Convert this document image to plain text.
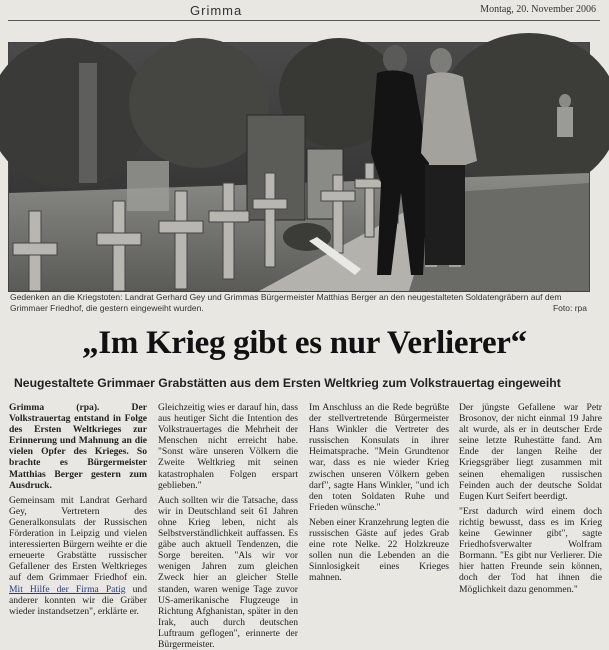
Grimma	Montag, 20. November 2006
Gedenken an die Kriegstoten: Landrat Gerhard Gey und Grimmas Bürgermeister Matthias Berger an den neugestalteten Soldatengräbern auf dem Grimmaer Friedhof, die gestern eingeweiht wurden.	Foto: rpa
„Im Krieg gibt es nur Verlierer“
Neugestaltete Grimmaer Grabstätten aus dem Ersten Weltkrieg zum Volkstrauertag eingeweiht

Grimma (rpa). Der Volkstrauertag entstand in Folge des Ersten Weltkrieges zur Erinnerung und Mahnung an die vielen Opfer des Krieges. So brachte es Bürgermeister Matthias Berger gestern zum Ausdruck.

Gemeinsam mit Landrat Gerhard Gey, Vertretern des Generalkonsulats der Russischen Förderation in Leipzig und vielen interessierten Bürgern weihte er die erneuerte Grabstätte russischer Gefallener des Ersten Weltkrieges auf dem Grimmaer Friedhof ein. Mit Hilfe der Firma Patig und anderer konnten wir die Gräber wieder instandsetzen", erklärte er.

Gleichzeitig wies er darauf hin, dass aus heutiger Sicht die Intention des Volkstrauertages die Mehrheit der Menschen nicht erreicht habe. "Sonst wäre unseren Völkern die Zweite Weltkrieg mit seinen katastrophalen Folgen erspart geblieben."

Auch sollten wir die Tatsache, dass wir in Deutschland seit 61 Jahren ohne Krieg leben, nicht als Selbstverständlichkeit auffassen. Es gäbe auch aktuell Tendenzen, die Sorge bereiten. "Als wir vor wenigen Jahren zum gleichen Zweck hier an gleicher Stelle standen, waren wenige Tage zuvor US-amerikanische Flugzeuge in Richtung Afghanistan, später in den Irak, auch durch deutschen Luftraum geflogen", erinnerte der Bürgermeister.

Im Anschluss an die Rede begrüßte der stellvertretende Bürgermeister Hans Winkler die Vertreter des russischen Konsulats in ihrer Heimatsprache. "Mein Grundtenor war, dass es nie wieder Krieg zwischen unseren Völkern geben darf", sagte Hans Winkler, "und ich den toten Soldaten Ruhe und Frieden wünsche."

Neben einer Kranzehrung legten die russischen Gäste auf jedes Grab eine rote Nelke. 22 Holzkreuze sollen nun die Lebenden an die Sinnlosigkeit eines Krieges mahnen.

Der jüngste Gefallene war Petr Brosonov, der nicht einmal 19 Jahre alt wurde, als er in deutscher Erde seine letzte Ruhestätte fand. Am Ende der langen Reihe der Kriegsgräber liegt zusammen mit seinen ehemaligen russischen Feinden auch der deutsche Soldat Eugen Kurt Seifert beerdigt.

"Erst dadurch wird einem doch richtig bewusst, dass es im Krieg keine Gewinner gibt", sagte Friedhofsverwalter Wolfram Bormann. "Es gibt nur Verlierer. Die hier hatten Freunde sein können, doch der Tod hat ihnen die Möglichkeit dazu genommen."
